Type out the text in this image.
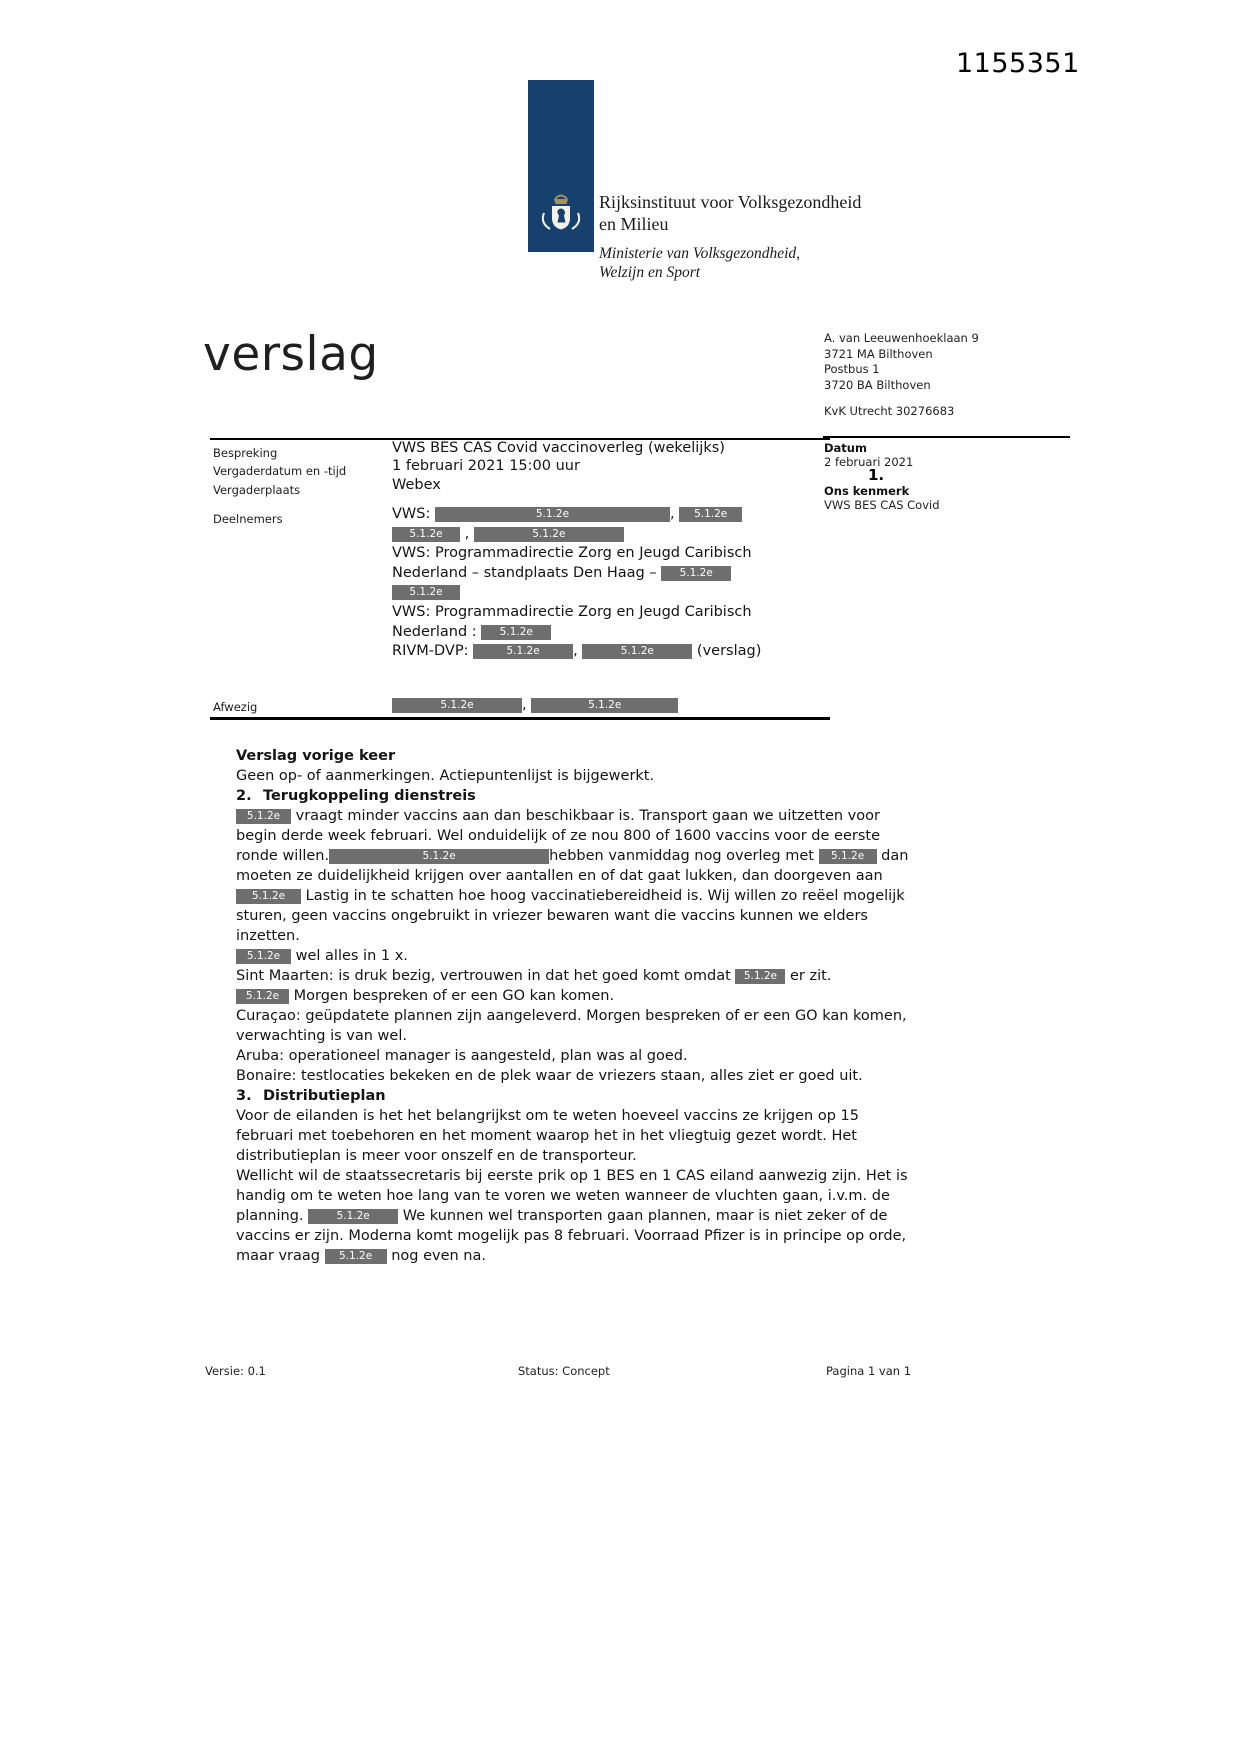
1155351
Rijksinstituut voor Volksgezondheid
en Milieu
Ministerie van Volksgezondheid,
Welzijn en Sport
verslag	A. van Leeuwenhoeklaan 9
3721 MA Bilthoven
Postbus 1
3720 BA Bilthoven
KvK Utrecht 30276683
Datum
2 februari 2021
1.
Ons kenmerk
VWS BES CAS Covid
Bespreking	VWS BES CAS Covid vaccinoverleg (wekelijks)
Vergaderdatum en -tijd	1 februari 2021 15:00 uur
Vergaderplaats	Webex
Deelnemers	VWS:	5.1.2e	, 5.1.2e
5.1.2e ,	5.1.2e
VWS: Programmadirectie Zorg en Jeugd Caribisch
Nederland – standplaats Den Haag – 5.1.2e
5.1.2e
VWS: Programmadirectie Zorg en Jeugd Caribisch
Nederland : 5.1.2e
RIVM-DVP:	5.1.2e ,	5.1.2e	(verslag)
Afwezig	5.1.2e	,	5.1.2e

Verslag vorige keer

Geen op- of aanmerkingen. Actiepuntenlijst is bijgewerkt.

2. Terugkoppeling dienstreis

5.1.2e vraagt minder vaccins aan dan beschikbaar is. Transport gaan we uitzetten voor begin derde week februari. Wel onduidelijk of ze nou 800 of 1600 vaccins voor de eerste ronde willen.	5.1.2e	hebben vanmiddag nog overleg met 5.1.2e dan moeten ze duidelijkheid krijgen over aantallen en of dat gaat lukken, dan doorgeven aan 5.1.2e Lastig in te schatten hoe hoog vaccinatiebereidheid is. Wij willen zo reëel mogelijk sturen, geen vaccins ongebruikt in vriezer bewaren want die vaccins kunnen we elders inzetten.

5.1.2e wel alles in 1 x.

Sint Maarten: is druk bezig, vertrouwen in dat het goed komt omdat 5.1.2e er zit.

5.1.2e Morgen bespreken of er een GO kan komen.

Curaçao: geüpdatete plannen zijn aangeleverd. Morgen bespreken of er een GO kan komen, verwachting is van wel.

Aruba: operationeel manager is aangesteld, plan was al goed.

Bonaire: testlocaties bekeken en de plek waar de vriezers staan, alles ziet er goed uit.

3. Distributieplan

Voor de eilanden is het het belangrijkst om te weten hoeveel vaccins ze krijgen op 15 februari met toebehoren en het moment waarop het in het vliegtuig gezet wordt. Het distributieplan is meer voor onszelf en de transporteur.

Wellicht wil de staatssecretaris bij eerste prik op 1 BES en 1 CAS eiland aanwezig zijn. Het is handig om te weten hoe lang van te voren we weten wanneer de vluchten gaan, i.v.m. de planning.	5.1.2e We kunnen wel transporten gaan plannen, maar is niet zeker of de vaccins er zijn. Moderna komt mogelijk pas 8 februari. Voorraad Pfizer is in principe op orde, maar vraag 5.1.2e nog even na.

Versie: 0.1	Status: Concept	Pagina 1 van 1
